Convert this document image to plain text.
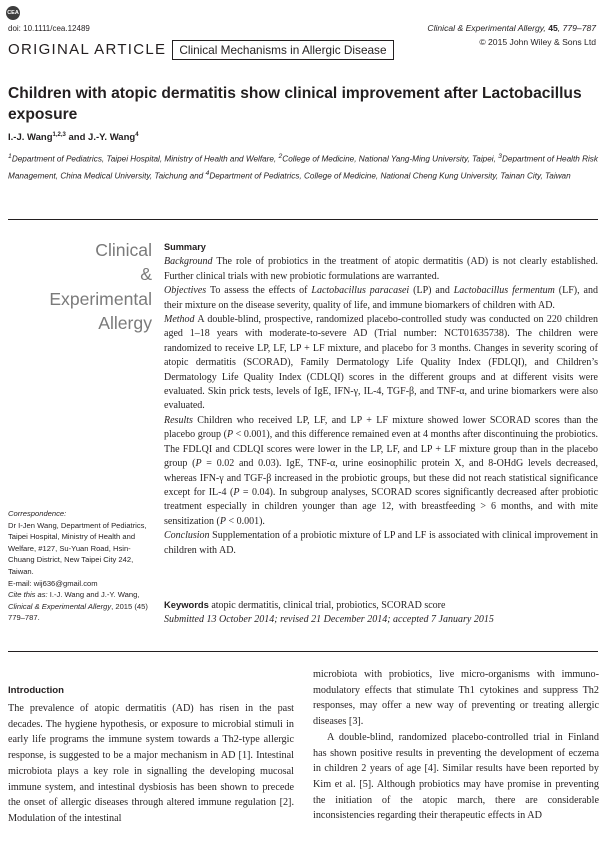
CEA
doi: 10.1111/cea.12489	Clinical & Experimental Allergy, 45, 779–787
© 2015 John Wiley & Sons Ltd
ORIGINAL ARTICLE	Clinical Mechanisms in Allergic Disease
Children with atopic dermatitis show clinical improvement after Lactobacillus exposure
I.-J. Wang$^{1,2,3}$ and J.-Y. Wang$^4$
$^1$Department of Pediatrics, Taipei Hospital, Ministry of Health and Welfare, $^2$College of Medicine, National Yang-Ming University, Taipei, $^3$Department of Health Risk Management, China Medical University, Taichung and $^4$Department of Pediatrics, College of Medicine, National Cheng Kung University, Tainan City, Taiwan
Clinical
&
Experimental
Allergy
Summary

Background The role of probiotics in the treatment of atopic dermatitis (AD) is not clearly established. Further clinical trials with new probiotic formulations are warranted.

Objectives To assess the effects of Lactobacillus paracasei (LP) and Lactobacillus fermentum (LF), and their mixture on the disease severity, quality of life, and immune biomarkers of children with AD.

Method A double-blind, prospective, randomized placebo-controlled study was conducted on 220 children aged 1–18 years with moderate-to-severe AD (Trial number: NCT01635738). The children were randomized to receive LP, LF, LP + LF mixture, and placebo for 3 months. Changes in severity scoring of atopic dermatitis (SCORAD), Family Dermatology Life Quality Index (FDLQI), and Children’s Dermatology Life Quality Index (CDLQI) scores in the different groups and at different visits were evaluated. Skin prick tests, levels of IgE, IFN-γ, IL-4, TGF-β, and TNF-α, and urine biomarkers were also evaluated.

Results Children who received LP, LF, and LP + LF mixture showed lower SCORAD scores than the placebo group (P < 0.001), and this difference remained even at 4 months after discontinuing the probiotics. The FDLQI and CDLQI scores were lower in the LP, LF, and LP + LF mixture group than in the placebo group (P = 0.02 and 0.03). IgE, TNF-α, urine eosinophilic protein X, and 8-OHdG levels decreased, whereas IFN-γ and TGF-β increased in the probiotic groups, but these did not reach statistical significance except for IL-4 (P = 0.04). In subgroup analyses, SCORAD scores significantly decreased after probiotic treatment especially in children younger than age 12, with breastfeeding > 6 months, and with mite sensitization (P < 0.001).

Conclusion Supplementation of a probiotic mixture of LP and LF is associated with clinical improvement in children with AD.

Correspondence:
Dr I-Jen Wang, Department of Pediatrics, Taipei Hospital, Ministry of Health and Welfare, #127, Su-Yuan Road, Hsin-Chuang District, New Taipei City 242, Taiwan.
E-mail: wij636@gmail.com
Cite this as: I.-J. Wang and J.-Y. Wang, Clinical & Experimental Allergy, 2015 (45) 779–787.
Keywords atopic dermatitis, clinical trial, probiotics, SCORAD score
Submitted 13 October 2014; revised 21 December 2014; accepted 7 January 2015
Introduction

The prevalence of atopic dermatitis (AD) has risen in the past decades. The hygiene hypothesis, or exposure to microbial stimuli in early life programs the immune system towards a Th2-type allergic response, is suggested to be a major mechanism in AD [1]. Intestinal microbiota plays a key role in signalling the developing mucosal immune system, and intestinal dysbiosis has been shown to precede the onset of allergic diseases through altered immune regulation [2]. Modulation of the intestinal

microbiota with probiotics, live micro-organisms with immuno-modulatory effects that stimulate Th1 cytokines and suppress Th2 responses, may offer a new way of preventing or treating allergic diseases [3].

A double-blind, randomized placebo-controlled trial in Finland has shown positive results in preventing the development of eczema in children 2 years of age [4]. Similar results have been reported by Kim et al. [5]. Although probiotics may have promise in preventing the initiation of the atopic march, there are considerable inconsistencies regarding their therapeutic effects in AD
